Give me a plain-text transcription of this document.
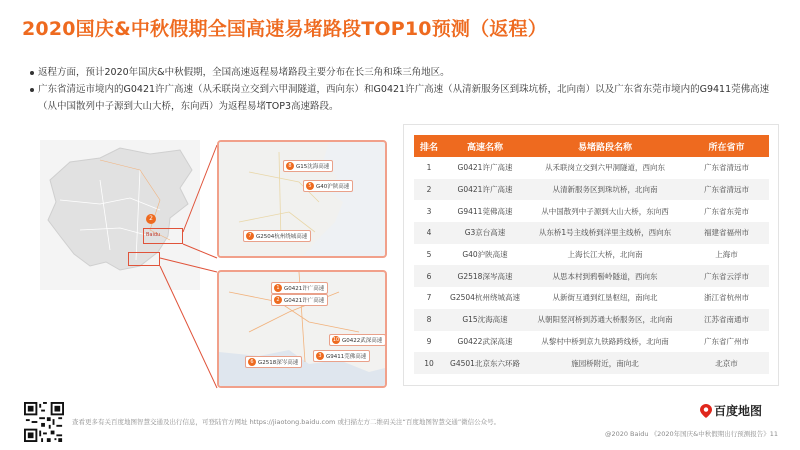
2020国庆&中秋假期全国高速易堵路段TOP10预测（返程）
返程方面，预计2020年国庆&中秋假期，全国高速返程易堵路段主要分布在长三角和珠三角地区。
广东省清远市境内的G0421许广高速（从禾联岗立交到六甲洞隧道，西向东）和G0421许广高速（从清新服务区到珠坑桥，北向南）以及广东省东莞市境内的G9411莞佛高速（从中国散列中子源到大山大桥，东向西）为返程易堵TOP3高速路段。
2
Baidu
8 G15沈海高速
5 G40沪陕高速
7 G2504杭州绕城高速
1 G0421许广高速
2 G0421许广高速
10 G0422武深高速
6 G2518深岑高速
3 G9411莞佛高速
排名	高速名称	易堵路段名称	所在省市
1	G0421许广高速	从禾联岗立交到六甲洞隧道，西向东	广东省清远市
2	G0421许广高速	从清新服务区到珠坑桥，北向南	广东省清远市
3	G9411莞佛高速	从中国散列中子源到大山大桥，东向西	广东省东莞市
4	G3京台高速	从东桥1号主线桥到洋里主线桥，西向东	福建省福州市
5	G40沪陕高速	上海长江大桥，北向南	上海市
6	G2518深岑高速	从思本村到鸦髻岭隧道，西向东	广东省云浮市
7	G2504杭州绕城高速	从新街互通到红垦枢纽，南向北	浙江省杭州市
8	G15沈海高速	从朝阳竖河桥到苏通大桥服务区，北向南	江苏省南通市
9	G0422武深高速	从黎村中桥到京九铁路跨线桥，北向南	广东省广州市
10	G4501北京东六环路	施园桥附近，南向北	北京市
查看更多有关百度地图智慧交通及出行信息，可登陆官方网址 https://jiaotong.baidu.com 或扫描左方二维码关注“百度地图智慧交通”微信公众号。
百度地图
@2020 Baidu 《2020年国庆&中秋假期出行预测报告》11
